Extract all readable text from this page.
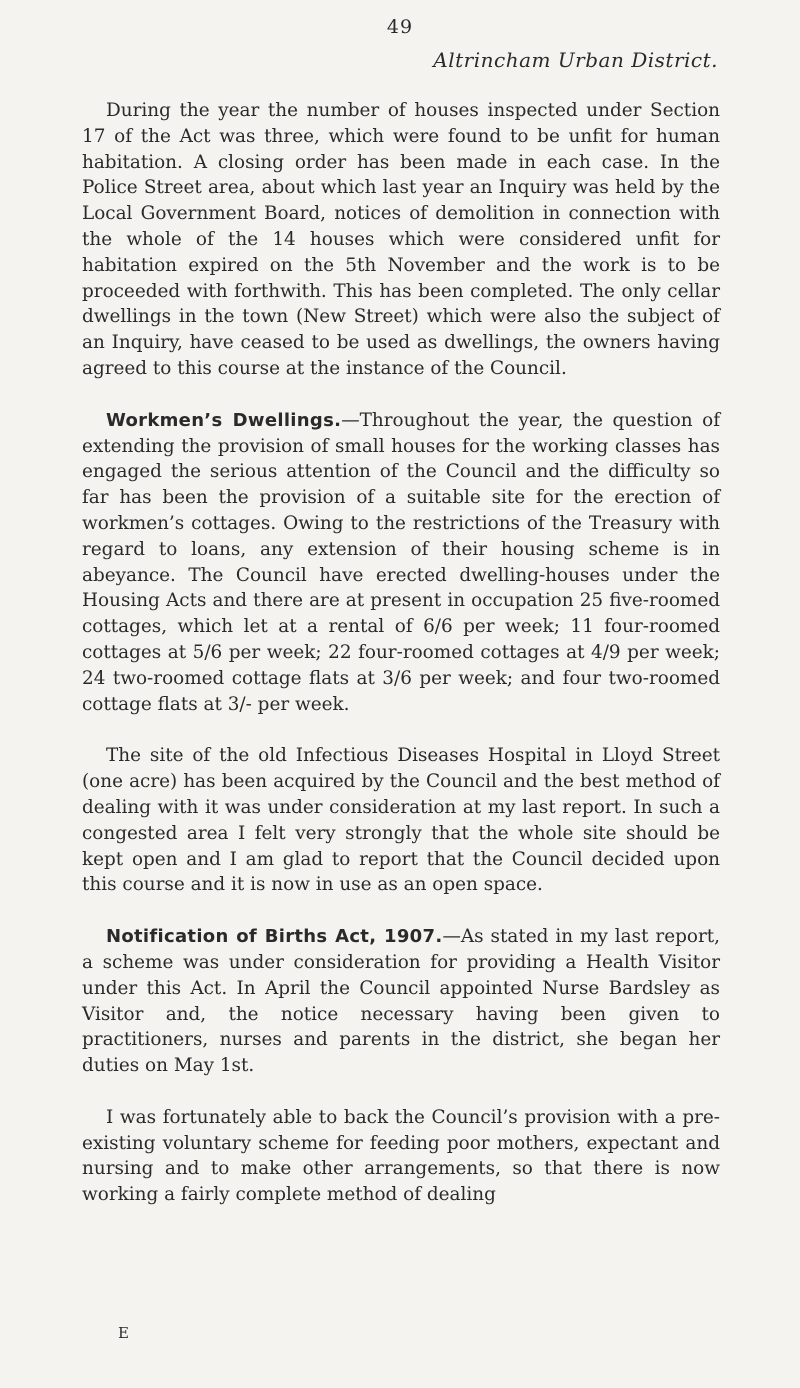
49
Altrincham Urban District.

During the year the number of houses inspected under Section 17 of the Act was three, which were found to be unfit for human habitation. A closing order has been made in each case. In the Police Street area, about which last year an Inquiry was held by the Local Government Board, notices of demolition in connection with the whole of the 14 houses which were considered unfit for habitation expired on the 5th November and the work is to be proceeded with forthwith. This has been completed. The only cellar dwellings in the town (New Street) which were also the subject of an Inquiry, have ceased to be used as dwellings, the owners having agreed to this course at the instance of the Council.

Workmen’s Dwellings.—Throughout the year, the question of extending the provision of small houses for the working classes has engaged the serious attention of the Council and the difficulty so far has been the provision of a suitable site for the erection of workmen’s cottages. Owing to the restrictions of the Treasury with regard to loans, any extension of their housing scheme is in abeyance. The Council have erected dwelling-houses under the Housing Acts and there are at present in occupation 25 five-roomed cottages, which let at a rental of 6/6 per week; 11 four-roomed cottages at 5/6 per week; 22 four-roomed cottages at 4/9 per week; 24 two-roomed cottage flats at 3/6 per week; and four two-roomed cottage flats at 3/- per week.

The site of the old Infectious Diseases Hospital in Lloyd Street (one acre) has been acquired by the Council and the best method of dealing with it was under consideration at my last report. In such a congested area I felt very strongly that the whole site should be kept open and I am glad to report that the Council decided upon this course and it is now in use as an open space.

Notification of Births Act, 1907.—As stated in my last report, a scheme was under consideration for providing a Health Visitor under this Act. In April the Council appointed Nurse Bardsley as Visitor and, the notice necessary having been given to practitioners, nurses and parents in the district, she began her duties on May 1st.

I was fortunately able to back the Council’s provision with a pre-existing voluntary scheme for feeding poor mothers, expectant and nursing and to make other arrangements, so that there is now working a fairly complete method of dealing

E
